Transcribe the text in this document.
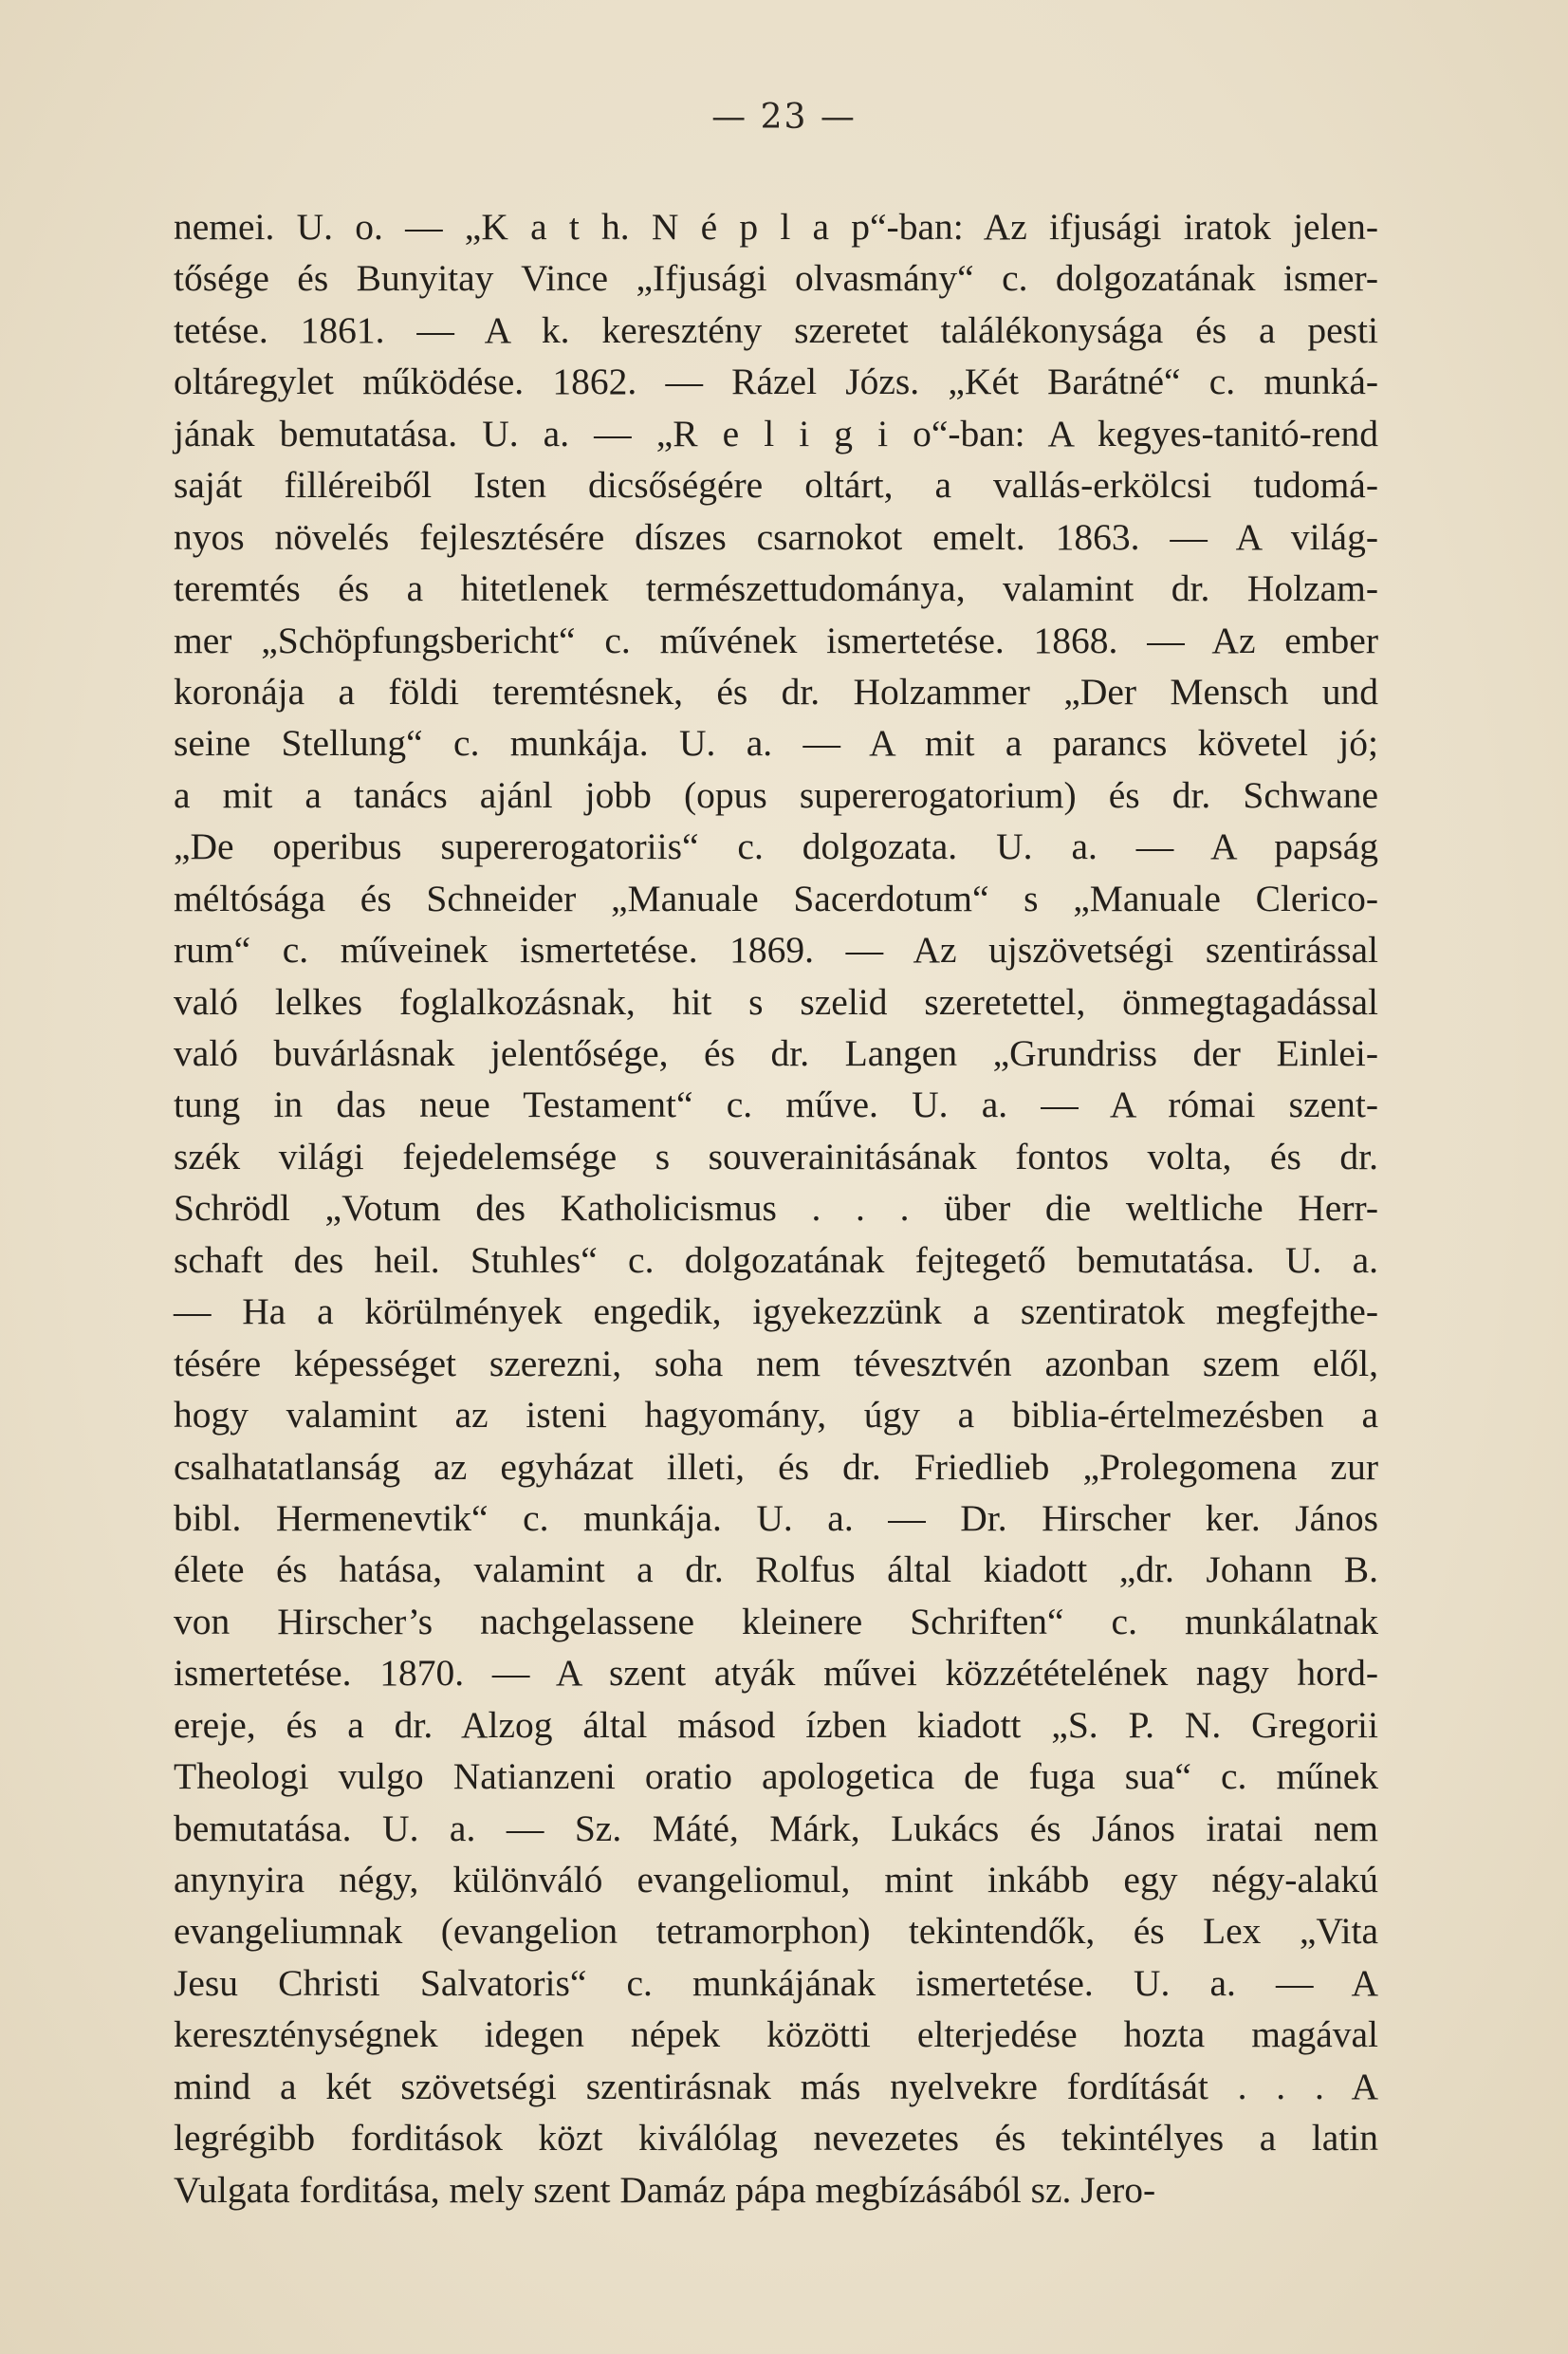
— 23 —
nemei. U. o. — „K a t h. N é p l a p“-ban: Az ifjusági iratok jelen-
tősége és Bunyitay Vince „Ifjusági olvasmány“ c. dolgozatának ismer-
tetése. 1861. — A k. keresztény szeretet találékonysága és a pesti
oltáregylet működése. 1862. — Rázel Józs. „Két Barátné“ c. munká-
jának bemutatása. U. a. — „R e l i g i o“-ban: A kegyes-tanitó-rend
saját filléreiből Isten dicsőségére oltárt, a vallás-erkölcsi tudomá-
nyos növelés fejlesztésére díszes csarnokot emelt. 1863. — A világ-
teremtés és a hitetlenek természettudománya, valamint dr. Holzam-
mer „Schöpfungsbericht“ c. művének ismertetése. 1868. — Az ember
koronája a földi teremtésnek, és dr. Holzammer „Der Mensch und
seine Stellung“ c. munkája. U. a. — A mit a parancs követel jó;
a mit a tanács ajánl jobb (opus supererogatorium) és dr. Schwane
„De operibus supererogatoriis“ c. dolgozata. U. a. — A papság
méltósága és Schneider „Manuale Sacerdotum“ s „Manuale Clerico-
rum“ c. műveinek ismertetése. 1869. — Az ujszövetségi szentirással
való lelkes foglalkozásnak, hit s szelid szeretettel, önmegtagadással
való buvárlásnak jelentősége, és dr. Langen „Grundriss der Einlei-
tung in das neue Testament“ c. műve. U. a. — A római szent-
szék világi fejedelemsége s souverainitásának fontos volta, és dr.
Schrödl „Votum des Katholicismus . . . über die weltliche Herr-
schaft des heil. Stuhles“ c. dolgozatának fejtegető bemutatása. U. a.
— Ha a körülmények engedik, igyekezzünk a szentiratok megfejthe-
tésére képességet szerezni, soha nem tévesztvén azonban szem elől,
hogy valamint az isteni hagyomány, úgy a biblia-értelmezésben a
csalhatatlanság az egyházat illeti, és dr. Friedlieb „Prolegomena zur
bibl. Hermenevtik“ c. munkája. U. a. — Dr. Hirscher ker. János
élete és hatása, valamint a dr. Rolfus által kiadott „dr. Johann B.
von Hirscher’s nachgelassene kleinere Schriften“ c. munkálatnak
ismertetése. 1870. — A szent atyák művei közzétételének nagy hord-
ereje, és a dr. Alzog által másod ízben kiadott „S. P. N. Gregorii
Theologi vulgo Natianzeni oratio apologetica de fuga sua“ c. műnek
bemutatása. U. a. — Sz. Máté, Márk, Lukács és János iratai nem
anynyira négy, különváló evangeliomul, mint inkább egy négy-alakú
evangeliumnak (evangelion tetramorphon) tekintendők, és Lex „Vita
Jesu Christi Salvatoris“ c. munkájának ismertetése. U. a. — A
kereszténységnek idegen népek közötti elterjedése hozta magával
mind a két szövetségi szentirásnak más nyelvekre fordítását . . . A
legrégibb forditások közt kiválólag nevezetes és tekintélyes a latin
Vulgata forditása, mely szent Damáz pápa megbízásából sz. Jero-
